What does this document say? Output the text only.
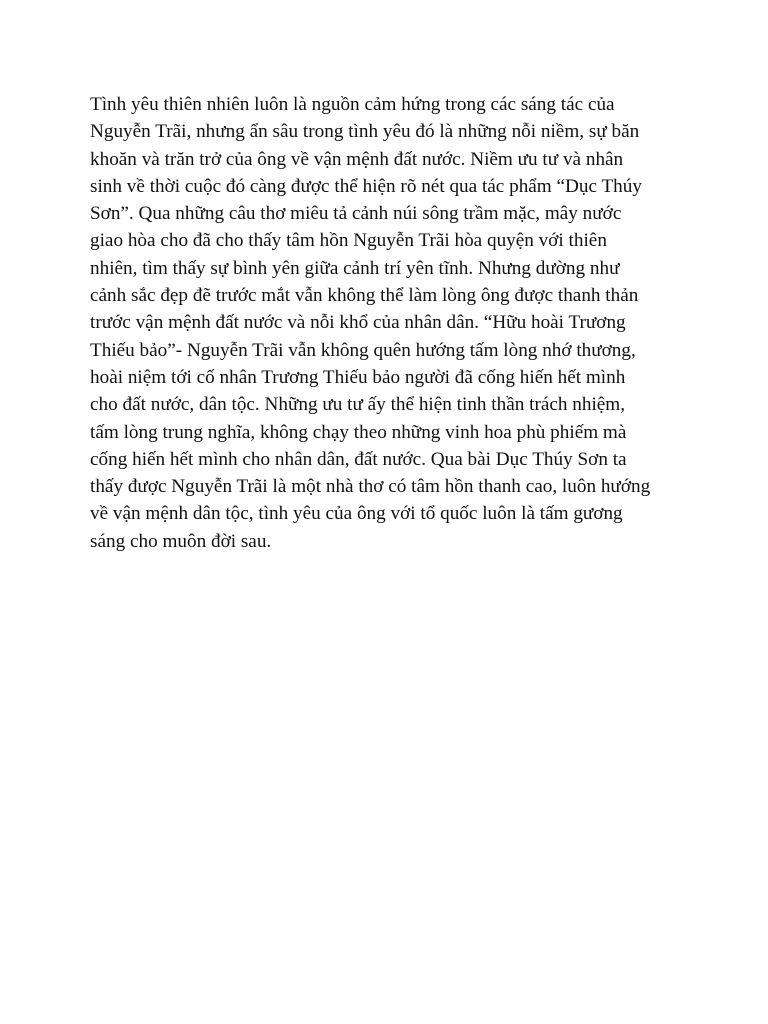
Tình yêu thiên nhiên luôn là nguồn cảm hứng trong các sáng tác của
Nguyễn Trãi, nhưng ẩn sâu trong tình yêu đó là những nỗi niềm, sự băn
khoăn và trăn trở của ông về vận mệnh đất nước. Niềm ưu tư và nhân
sinh về thời cuộc đó càng được thể hiện rõ nét qua tác phẩm “Dục Thúy
Sơn”. Qua những câu thơ miêu tả cảnh núi sông trầm mặc, mây nước
giao hòa cho đã cho thấy tâm hồn Nguyễn Trãi hòa quyện với thiên
nhiên, tìm thấy sự bình yên giữa cảnh trí yên tĩnh. Nhưng dường như
cảnh sắc đẹp đẽ trước mắt vẫn không thể làm lòng ông được thanh thản
trước vận mệnh đất nước và nỗi khổ của nhân dân. “Hữu hoài Trương
Thiếu bảo”- Nguyễn Trãi vẫn không quên hướng tấm lòng nhớ thương,
hoài niệm tới cố nhân Trương Thiếu bảo người đã cống hiến hết mình
cho đất nước, dân tộc. Những ưu tư ấy thể hiện tinh thần trách nhiệm,
tấm lòng trung nghĩa, không chạy theo những vinh hoa phù phiếm mà
cống hiến hết mình cho nhân dân, đất nước. Qua bài Dục Thúy Sơn ta
thấy được Nguyễn Trãi là một nhà thơ có tâm hồn thanh cao, luôn hướng
về vận mệnh dân tộc, tình yêu của ông với tổ quốc luôn là tấm gương
sáng cho muôn đời sau.
